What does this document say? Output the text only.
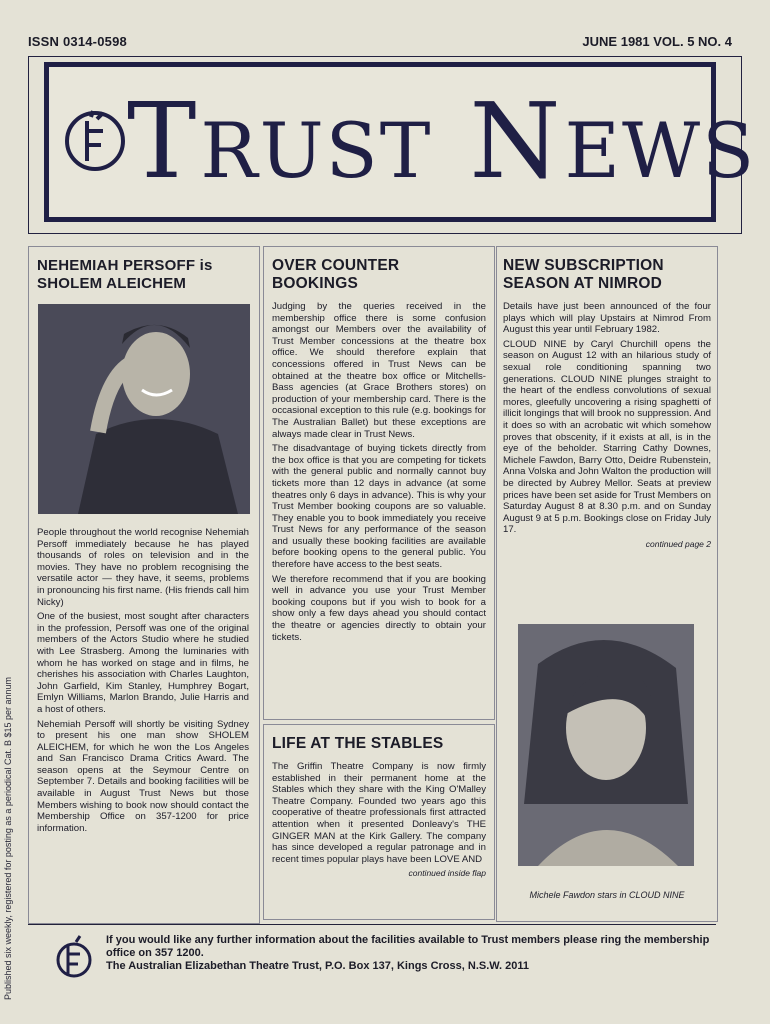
ISSN 0314-0598	JUNE 1981 VOL. 5 NO. 4
TRUST NEWS
NEHEMIAH PERSOFF is SHOLEM ALEICHEM

People throughout the world recognise Nehemiah Persoff immediately because he has played thousands of roles on television and in the movies. They have no problem recognising the versatile actor — they have, it seems, problems in pronouncing his first name. (His friends call him Nicky)

One of the busiest, most sought after characters in the profession, Persoff was one of the original members of the Actors Studio where he studied with Lee Strasberg. Among the luminaries with whom he has worked on stage and in films, he cherishes his association with Charles Laughton, John Garfield, Kim Stanley, Humphrey Bogart, Emlyn Williams, Marlon Brando, Julie Harris and a host of others.

Nehemiah Persoff will shortly be visiting Sydney to present his one man show SHOLEM ALEICHEM, for which he won the Los Angeles and San Francisco Drama Critics Award. The season opens at the Seymour Centre on September 7. Details and booking facilities will be available in August Trust News but those Members wishing to book now should contact the Membership Office on 357-1200 for price information.

OVER COUNTER BOOKINGS

Judging by the queries received in the membership office there is some confusion amongst our Members over the availability of Trust Member concessions at the theatre box office. We should therefore explain that concessions offered in Trust News can be obtained at the theatre box office or Mitchells-Bass agencies (at Grace Brothers stores) on production of your membership card. There is the occasional exception to this rule (e.g. bookings for The Australian Ballet) but these exceptions are always made clear in Trust News.

The disadvantage of buying tickets directly from the box office is that you are competing for tickets with the general public and normally cannot buy tickets more than 12 days in advance (at some theatres only 6 days in advance). This is why your Trust Member booking coupons are so valuable. They enable you to book immediately you receive Trust News for any performance of the season and usually these booking facilities are available before booking opens to the general public. You therefore have access to the best seats.

We therefore recommend that if you are booking well in advance you use your Trust Member booking coupons but if you wish to book for a show only a few days ahead you should contact the theatre or agencies directly to obtain your tickets.

LIFE AT THE STABLES

The Griffin Theatre Company is now firmly established in their permanent home at the Stables which they share with the King O'Malley Theatre Company. Founded two years ago this cooperative of theatre professionals first attracted attention when it presented Donleavy's THE GINGER MAN at the Kirk Gallery. The company has since developed a regular patronage and in recent times popular plays have been LOVE AND

continued inside flap
NEW SUBSCRIPTION SEASON AT NIMROD

Details have just been announced of the four plays which will play Upstairs at Nimrod From August this year until February 1982.

CLOUD NINE by Caryl Churchill opens the season on August 12 with an hilarious study of sexual role conditioning spanning two generations. CLOUD NINE plunges straight to the heart of the endless convolutions of sexual mores, gleefully uncovering a rising spaghetti of illicit longings that will brook no suppression. And it does so with an acrobatic wit which somehow proves that obscenity, if it exists at all, is in the eye of the beholder. Starring Cathy Downes, Michele Fawdon, Barry Otto, Deidre Rubenstein, Anna Volska and John Walton the production will be directed by Aubrey Mellor. Seats at preview prices have been set aside for Trust Members on Saturday August 8 at 8.30 p.m. and on Sunday August 9 at 5 p.m. Bookings close on Friday July 17.

continued page 2
Michele Fawdon stars in CLOUD NINE
If you would like any further information about the facilities available to Trust members please ring the membership office on 357 1200.
The Australian Elizabethan Theatre Trust, P.O. Box 137, Kings Cross, N.S.W. 2011
Published six weekly, registered for posting as a periodical Cat. B $15 per annum
